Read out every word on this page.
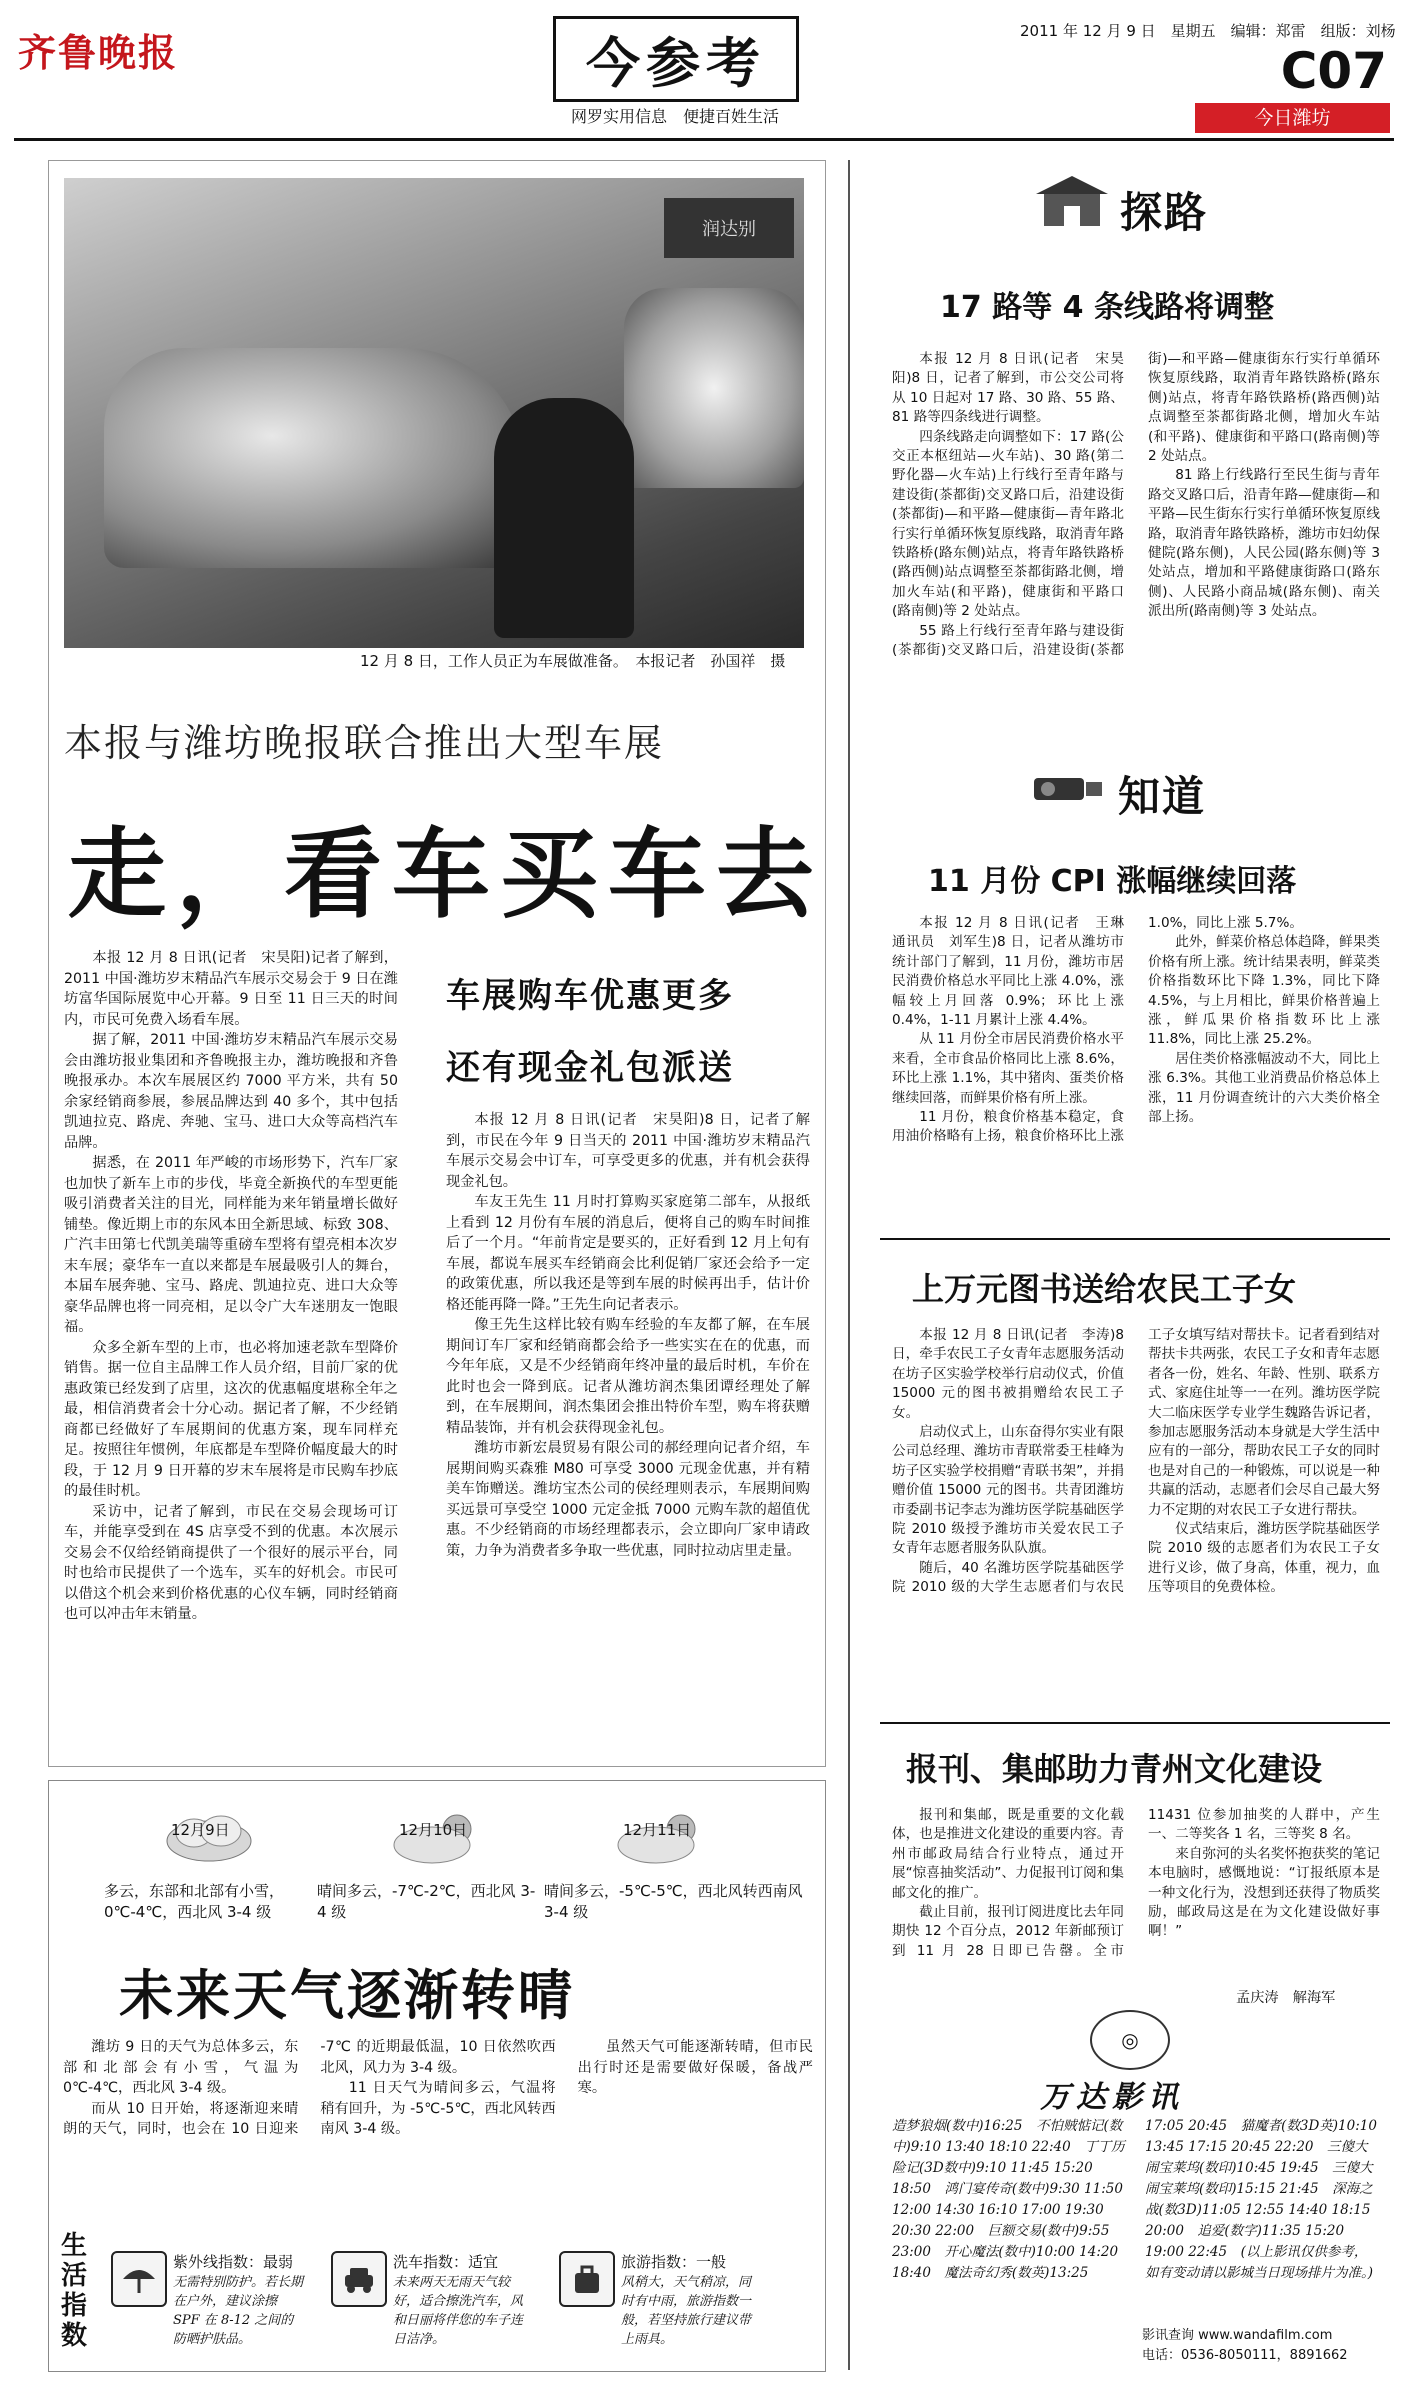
齐鲁晚报	今参考
网罗实用信息　便捷百姓生活
2011 年 12 月 9 日　星期五　编辑：郑雷　组版：刘杨
C07
今日潍坊
润达别
12 月 8 日，工作人员正为车展做准备。　本报记者　孙国祥　摄
本报与潍坊晚报联合推出大型车展
走，看车买车去

本报 12 月 8 日讯(记者　宋昊阳)记者了解到，2011 中国·潍坊岁末精品汽车展示交易会于 9 日在潍坊富华国际展览中心开幕。9 日至 11 日三天的时间内，市民可免费入场看车展。

据了解，2011 中国·潍坊岁末精品汽车展示交易会由潍坊报业集团和齐鲁晚报主办，潍坊晚报和齐鲁晚报承办。本次车展展区约 7000 平方米，共有 50 余家经销商参展，参展品牌达到 40 多个，其中包括凯迪拉克、路虎、奔驰、宝马、进口大众等高档汽车品牌。

据悉，在 2011 年严峻的市场形势下，汽车厂家也加快了新车上市的步伐，毕竟全新换代的车型更能吸引消费者关注的目光，同样能为来年销量增长做好铺垫。像近期上市的东风本田全新思域、标致 308、广汽丰田第七代凯美瑞等重磅车型将有望亮相本次岁末车展；豪华车一直以来都是车展最吸引人的舞台，本届车展奔驰、宝马、路虎、凯迪拉克、进口大众等豪华品牌也将一同亮相，足以令广大车迷朋友一饱眼福。

众多全新车型的上市，也必将加速老款车型降价销售。据一位自主品牌工作人员介绍，目前厂家的优惠政策已经发到了店里，这次的优惠幅度堪称全年之最，相信消费者会十分心动。据记者了解，不少经销商都已经做好了车展期间的优惠方案，现车同样充足。按照往年惯例，年底都是车型降价幅度最大的时段，于 12 月 9 日开幕的岁末车展将是市民购车抄底的最佳时机。

采访中，记者了解到，市民在交易会现场可订车，并能享受到在 4S 店享受不到的优惠。本次展示交易会不仅给经销商提供了一个很好的展示平台，同时也给市民提供了一个选车，买车的好机会。市民可以借这个机会来到价格优惠的心仪车辆，同时经销商也可以冲击年末销量。

车展购车优惠更多
还有现金礼包派送

本报 12 月 8 日讯(记者　宋昊阳)8 日，记者了解到，市民在今年 9 日当天的 2011 中国·潍坊岁末精品汽车展示交易会中订车，可享受更多的优惠，并有机会获得现金礼包。

车友王先生 11 月时打算购买家庭第二部车，从报纸上看到 12 月份有车展的消息后，便将自己的购车时间推后了一个月。“年前肯定是要买的，正好看到 12 月上旬有车展，都说车展买车经销商会比利促销厂家还会给予一定的政策优惠，所以我还是等到车展的时候再出手，估计价格还能再降一降。”王先生向记者表示。

像王先生这样比较有购车经验的车友都了解，在车展期间订车厂家和经销商都会给予一些实实在在的优惠，而今年年底，又是不少经销商年终冲量的最后时机，车价在此时也会一降到底。记者从潍坊润杰集团谭经理处了解到，在车展期间，润杰集团会推出特价车型，购车将获赠精品装饰，并有机会获得现金礼包。

潍坊市新宏晨贸易有限公司的郝经理向记者介绍，车展期间购买森雅 M80 可享受 3000 元现金优惠，并有精美车饰赠送。潍坊宝杰公司的侯经理则表示，车展期间购买远景可享受空 1000 元定金抵 7000 元购车款的超值优惠。不少经销商的市场经理都表示，会立即向厂家申请政策，力争为消费者多争取一些优惠，同时拉动店里走量。

12月9日
多云，东部和北部有小雪，0℃-4℃，西北风 3-4 级
12月10日
晴间多云，-7℃-2℃，西北风 3-4 级
12月11日
晴间多云，-5℃-5℃，西北风转西南风 3-4 级
未来天气逐渐转晴

潍坊 9 日的天气为总体多云，东部和北部会有小雪，气温为 0℃-4℃，西北风 3-4 级。

而从 10 日开始，将逐渐迎来晴朗的天气，同时，也会在 10 日迎来 -7℃ 的近期最低温，10 日依然吹西北风，风力为 3-4 级。

11 日天气为晴间多云，气温将稍有回升，为 -5℃-5℃，西北风转西南风 3-4 级。

虽然天气可能逐渐转晴，但市民出行时还是需要做好保暖，备战严寒。

生活指数
紫外线指数：最弱
无需特别防护。若长期在户外，建议涂擦 SPF 在 8-12 之间的防晒护肤品。
洗车指数：适宜
未来两天无雨天气较好，适合擦洗汽车，风和日丽将伴您的车子连日洁净。
旅游指数：一般
风稍大，天气稍凉，同时有中雨，旅游指数一般，若坚持旅行建议带上雨具。
探路
17 路等 4 条线路将调整

本报 12 月 8 日讯(记者　宋昊阳)8 日，记者了解到，市公交公司将从 10 日起对 17 路、30 路、55 路、81 路等四条线进行调整。

四条线路走向调整如下：17 路(公交正本枢纽站—火车站)、30 路(第二野化器—火车站)上行线行至青年路与建设街(茶都街)交叉路口后，沿建设街(茶都街)—和平路—健康街—青年路北行实行单循环恢复原线路，取消青年路铁路桥(路东侧)站点，将青年路铁路桥(路西侧)站点调整至茶都街路北侧，增加火车站(和平路)，健康街和平路口(路南侧)等 2 处站点。

55 路上行线行至青年路与建设街(茶都街)交叉路口后，沿建设街(茶都街)—和平路—健康街东行实行单循环恢复原线路，取消青年路铁路桥(路东侧)站点，将青年路铁路桥(路西侧)站点调整至茶都街路北侧，增加火车站(和平路)、健康街和平路口(路南侧)等 2 处站点。

81 路上行线路行至民生街与青年路交叉路口后，沿青年路—健康街—和平路—民生街东行实行单循环恢复原线路，取消青年路铁路桥，潍坊市妇幼保健院(路东侧)，人民公园(路东侧)等 3 处站点，增加和平路健康街路口(路东侧)、人民路小商品城(路东侧)、南关派出所(路南侧)等 3 处站点。

知道
11 月份 CPI 涨幅继续回落

本报 12 月 8 日讯(记者　王琳　通讯员　刘军生)8 日，记者从潍坊市统计部门了解到，11 月份，潍坊市居民消费价格总水平同比上涨 4.0%，涨幅较上月回落 0.9%；环比上涨 0.4%，1-11 月累计上涨 4.4%。

从 11 月份全市居民消费价格水平来看，全市食品价格同比上涨 8.6%，环比上涨 1.1%，其中猪肉、蛋类价格继续回落，而鲜果价格有所上涨。

11 月份，粮食价格基本稳定，食用油价格略有上扬，粮食价格环比上涨 1.0%，同比上涨 5.7%。

此外，鲜菜价格总体趋降，鲜果类价格有所上涨。统计结果表明，鲜菜类价格指数环比下降 1.3%，同比下降 4.5%，与上月相比，鲜果价格普遍上涨，鲜瓜果价格指数环比上涨 11.8%，同比上涨 25.2%。

居住类价格涨幅波动不大，同比上涨 6.3%。其他工业消费品价格总体上涨，11 月份调查统计的六大类价格全部上扬。

上万元图书送给农民工子女

本报 12 月 8 日讯(记者　李涛)8 日，牵手农民工子女青年志愿服务活动在坊子区实验学校举行启动仪式，价值 15000 元的图书被捐赠给农民工子女。

启动仪式上，山东奋得尔实业有限公司总经理、潍坊市青联常委王桂峰为坊子区实验学校捐赠“青联书架”，并捐赠价值 15000 元的图书。共青团潍坊市委副书记李志为潍坊医学院基础医学院 2010 级授予潍坊市关爱农民工子女青年志愿者服务队队旗。

随后，40 名潍坊医学院基础医学院 2010 级的大学生志愿者们与农民工子女填写结对帮扶卡。记者看到结对帮扶卡共两张，农民工子女和青年志愿者各一份，姓名、年龄、性别、联系方式、家庭住址等一一在列。潍坊医学院大二临床医学专业学生魏路告诉记者，参加志愿服务活动本身就是大学生活中应有的一部分，帮助农民工子女的同时也是对自己的一种锻炼，可以说是一种共赢的活动，志愿者们会尽自己最大努力不定期的对农民工子女进行帮扶。

仪式结束后，潍坊医学院基础医学院 2010 级的志愿者们为农民工子女进行义诊，做了身高，体重，视力，血压等项目的免费体检。

报刊、集邮助力青州文化建设

报刊和集邮，既是重要的文化载体，也是推进文化建设的重要内容。青州市邮政局结合行业特点，通过开展“惊喜抽奖活动”、力促报刊订阅和集邮文化的推广。

截止目前，报刊订阅进度比去年同期快 12 个百分点，2012 年新邮预订到 11 月 28 日即已告罄。全市 11431 位参加抽奖的人群中，产生一、二等奖各 1 名，三等奖 8 名。

来自弥河的头名奖怀抱获奖的笔记本电脑时，感慨地说：“订报纸原本是一种文化行为，没想到还获得了物质奖励，邮政局这是在为文化建设做好事啊！”

孟庆涛　解海军
◎
万达影讯
造梦狼烟(数中)16:25　不怕贼惦记(数中)9:10 13:40 18:10 22:40　丁丁历险记(3D数中)9:10 11:45 15:20 18:50　鸿门宴传奇(数中)9:30 11:50 12:00 14:30 16:10 17:00 19:30 20:30 22:00　巨额交易(数中)9:55 23:00　开心魔法(数中)10:00 14:20 18:40　魔法奇幻秀(数英)13:25 17:05 20:45　猫魔者(数3D英)10:10 13:45 17:15 20:45 22:20　三傻大闹宝莱坞(数印)10:45 19:45　三傻大闹宝莱坞(数印)15:15 21:45　深海之战(数3D)11:05 12:55 14:40 18:15 20:00　追爱(数字)11:35 15:20 19:00 22:45　(以上影讯仅供参考，如有变动请以影城当日现场排片为准。)
影讯查询 www.wandafilm.com
电话：0536-8050111，8891662
